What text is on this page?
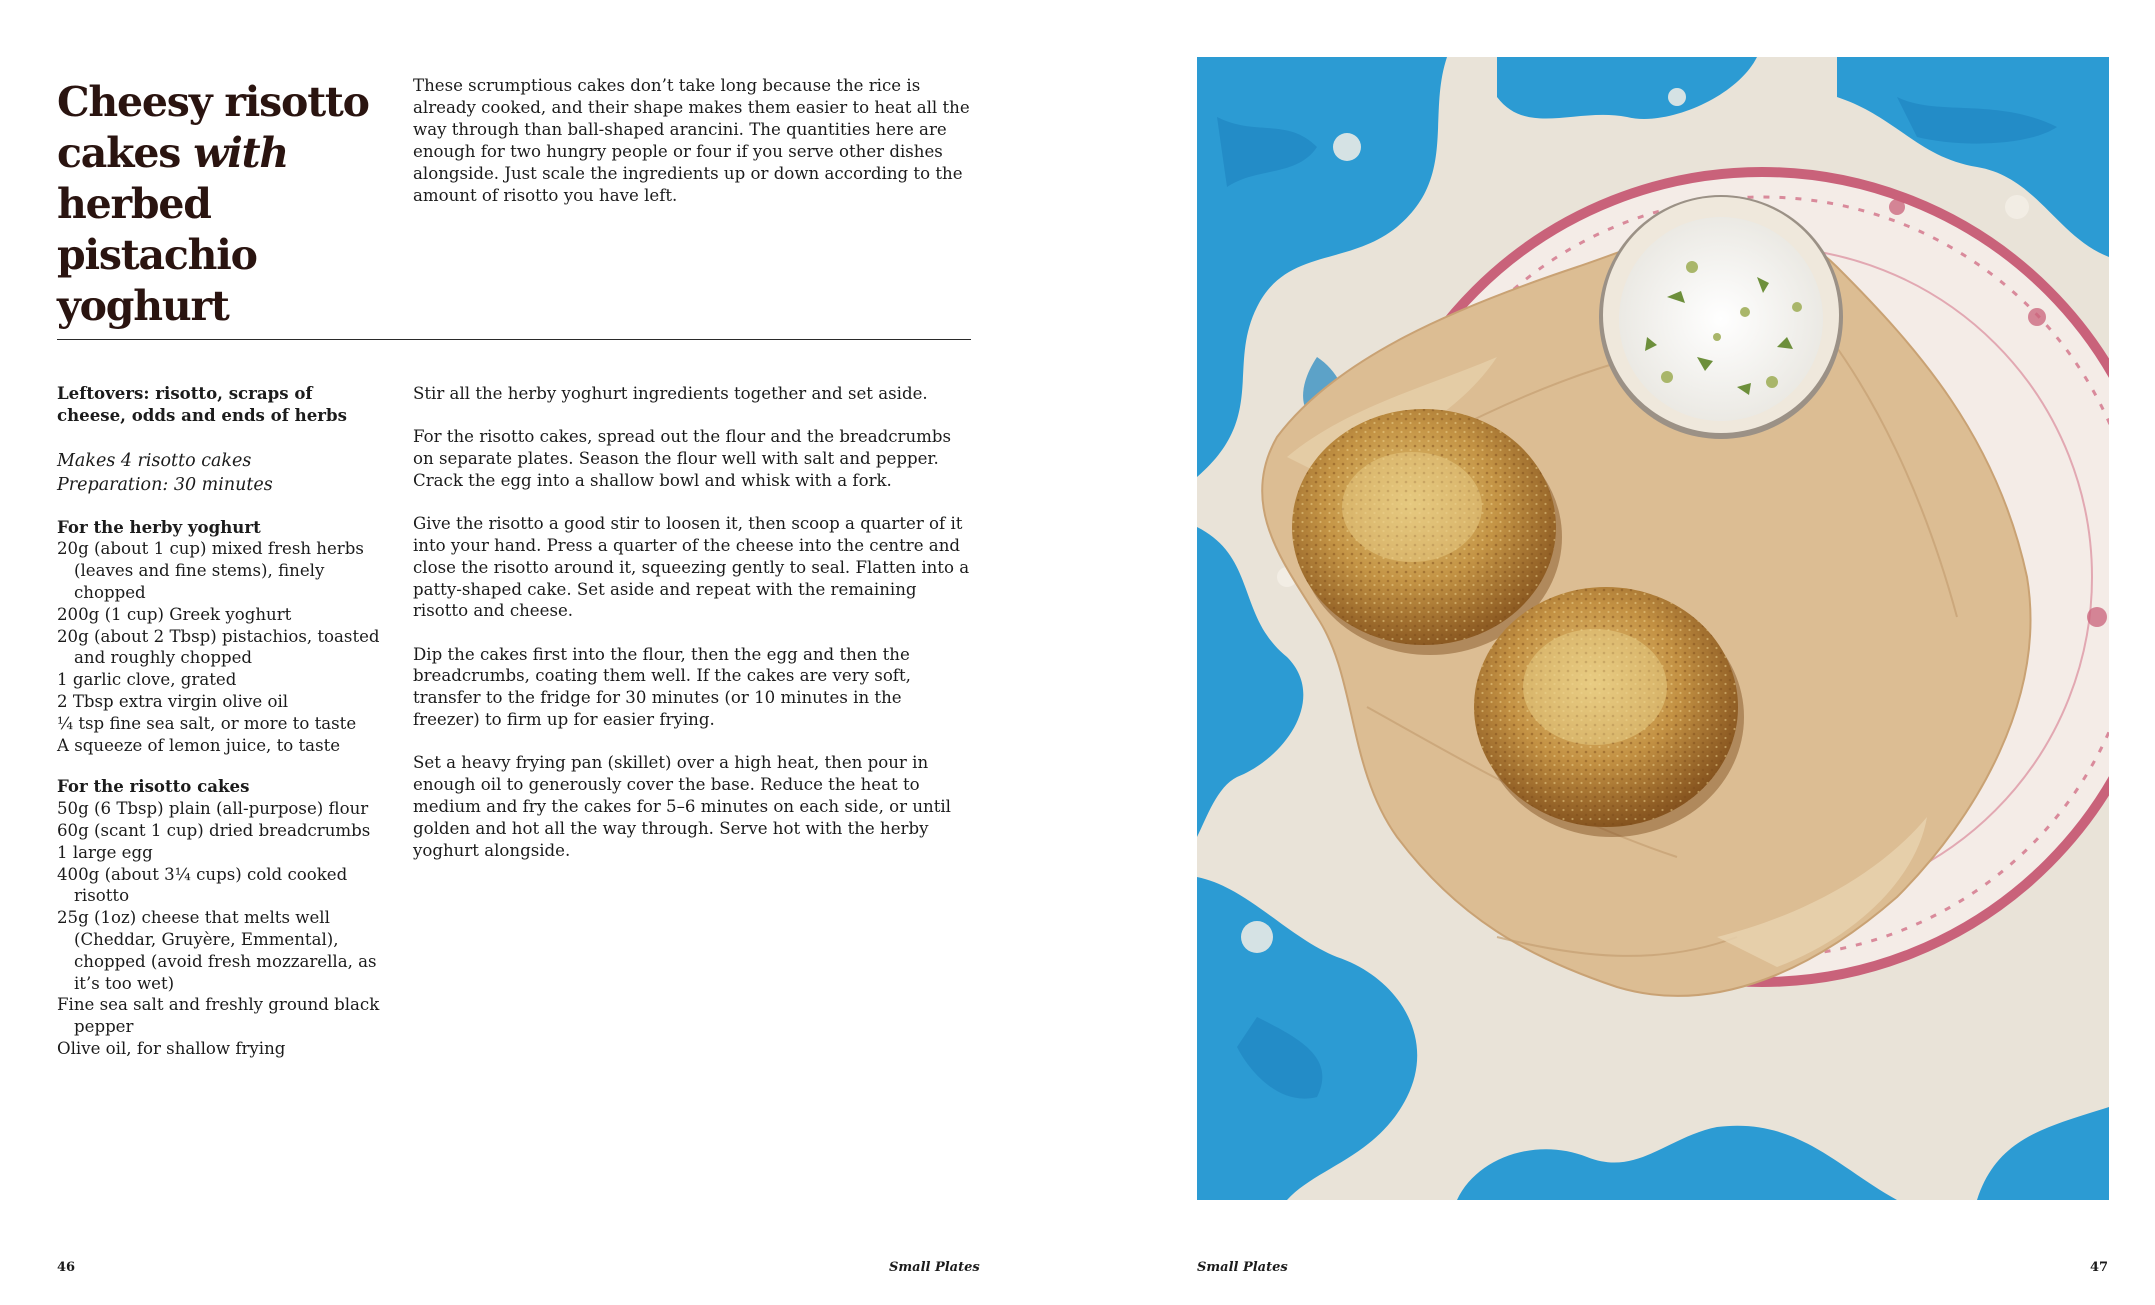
Cheesy risotto
cakes with
herbed pistachio
yoghurt

These scrumptious cakes don’t take long because the rice is already cooked, and their shape makes them easier to heat all the way through than ball-shaped arancini. The quantities here are enough for two hungry people or four if you serve other dishes alongside. Just scale the ingredients up or down according to the amount of risotto you have left.

Leftovers: risotto, scraps of cheese, odds and ends of herbs

Makes 4 risotto cakes
Preparation: 30 minutes

For the herby yoghurt

20g (about 1 cup) mixed fresh herbs (leaves and fine stems), finely chopped
200g (1 cup) Greek yoghurt
20g (about 2 Tbsp) pistachios, toasted and roughly chopped
1 garlic clove, grated
2 Tbsp extra virgin olive oil
¼ tsp fine sea salt, or more to taste
A squeeze of lemon juice, to taste

For the risotto cakes

50g (6 Tbsp) plain (all-purpose) flour
60g (scant 1 cup) dried breadcrumbs
1 large egg
400g (about 3¼ cups) cold cooked risotto
25g (1oz) cheese that melts well (Cheddar, Gruyère, Emmental), chopped (avoid fresh mozzarella, as it’s too wet)
Fine sea salt and freshly ground black pepper
Olive oil, for shallow frying

Stir all the herby yoghurt ingredients together and set aside.

For the risotto cakes, spread out the flour and the breadcrumbs on separate plates. Season the flour well with salt and pepper. Crack the egg into a shallow bowl and whisk with a fork.

Give the risotto a good stir to loosen it, then scoop a quarter of it into your hand. Press a quarter of the cheese into the centre and close the risotto around it, squeezing gently to seal. Flatten into a patty-shaped cake. Set aside and repeat with the remaining risotto and cheese.

Dip the cakes first into the flour, then the egg and then the breadcrumbs, coating them well. If the cakes are very soft, transfer to the fridge for 30 minutes (or 10 minutes in the freezer) to firm up for easier frying.

Set a heavy frying pan (skillet) over a high heat, then pour in enough oil to generously cover the base. Reduce the heat to medium and fry the cakes for 5–6 minutes on each side, or until golden and hot all the way through. Serve hot with the herby yoghurt alongside.

46	Small Plates	Small Plates	47
